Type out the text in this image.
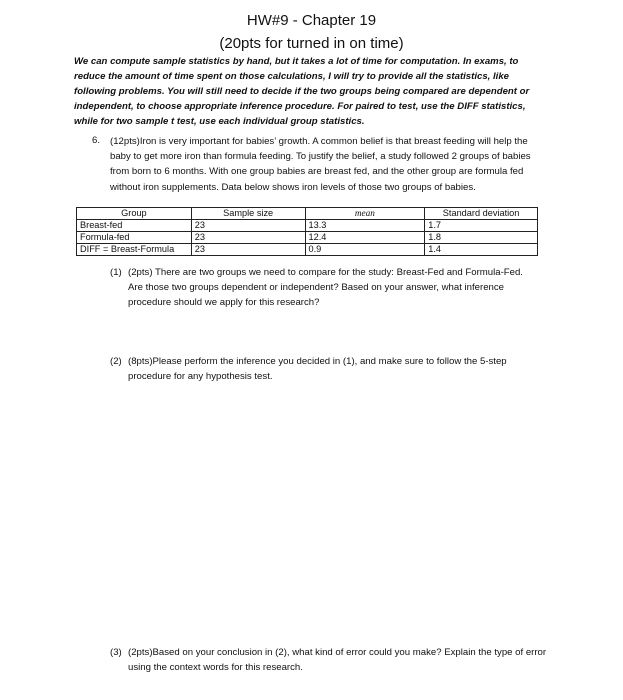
HW#9 - Chapter 19
(20pts for turned in on time)
We can compute sample statistics by hand, but it takes a lot of time for computation. In exams, to reduce the amount of time spent on those calculations, I will try to provide all the statistics, like following problems. You will still need to decide if the two groups being compared are dependent or independent, to choose appropriate inference procedure. For paired to test, use the DIFF statistics, while for two sample t test, use each individual group statistics.
6. (12pts)Iron is very important for babies’ growth. A common belief is that breast feeding will help the baby to get more iron than formula feeding. To justify the belief, a study followed 2 groups of babies from born to 6 months. With one group babies are breast fed, and the other group are formula fed without iron supplements. Data below shows iron levels of those two groups of babies.
Group	Sample size	mean	Standard deviation
Breast-fed	23	13.3	1.7
Formula-fed	23	12.4	1.8
DIFF = Breast-Formula	23	0.9	1.4
(1) (2pts) There are two groups we need to compare for the study: Breast-Fed and Formula-Fed. Are those two groups dependent or independent? Based on your answer, what inference procedure should we apply for this research?
(2) (8pts)Please perform the inference you decided in (1), and make sure to follow the 5-step procedure for any hypothesis test.
(3) (2pts)Based on your conclusion in (2), what kind of error could you make? Explain the type of error using the context words for this research.
